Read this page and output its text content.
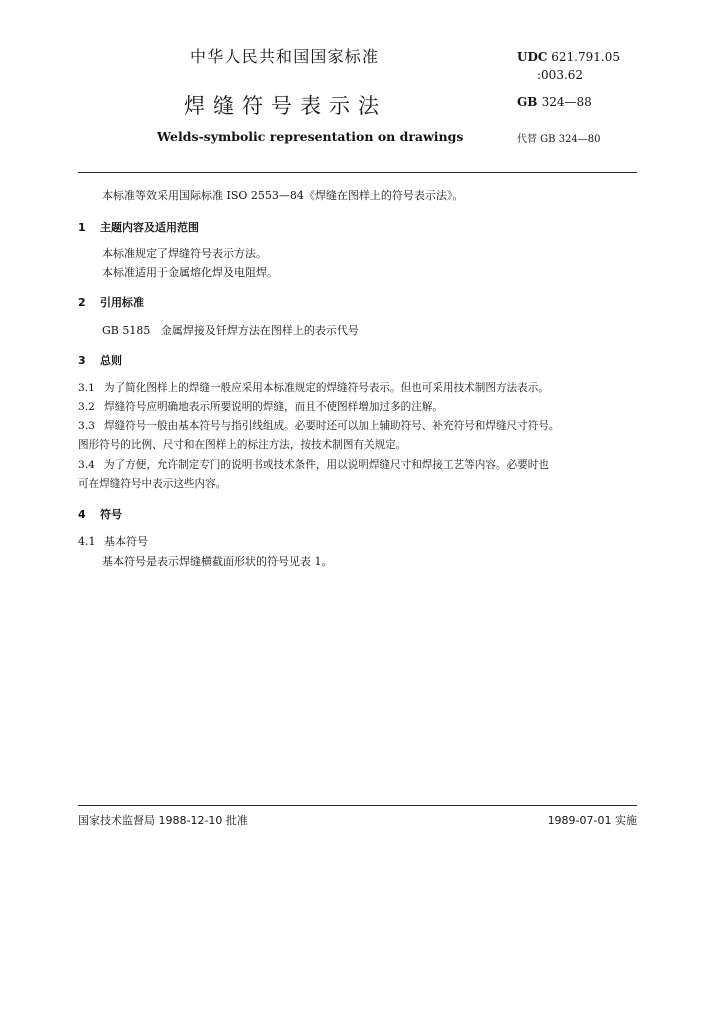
中华人民共和国国家标准
焊缝符号表示法
Welds-symbolic representation on drawings
UDC 621.791.05
:003.62
GB 324—88
代替 GB 324—80
本标准等效采用国际标准 ISO 2553—84《焊缝在图样上的符号表示法》。
1 主题内容及适用范围
本标准规定了焊缝符号表示方法。
本标准适用于金属熔化焊及电阻焊。
2 引用标准
GB 5185   金属焊接及钎焊方法在图样上的表示代号
3 总则
3.1 为了简化图样上的焊缝一般应采用本标准规定的焊缝符号表示。但也可采用技术制图方法表示。
3.2 焊缝符号应明确地表示所要说明的焊缝，而且不使图样增加过多的注解。
3.3 焊缝符号一般由基本符号与指引线组成。必要时还可以加上辅助符号、补充符号和焊缝尺寸符号。
图形符号的比例、尺寸和在图样上的标注方法，按技术制图有关规定。
3.4 为了方便，允许制定专门的说明书或技术条件，用以说明焊缝尺寸和焊接工艺等内容。必要时也
可在焊缝符号中表示这些内容。
4 符号
4.1 基本符号
基本符号是表示焊缝横截面形状的符号见表 1。
国家技术监督局 1988-12-10 批准	1989-07-01 实施
